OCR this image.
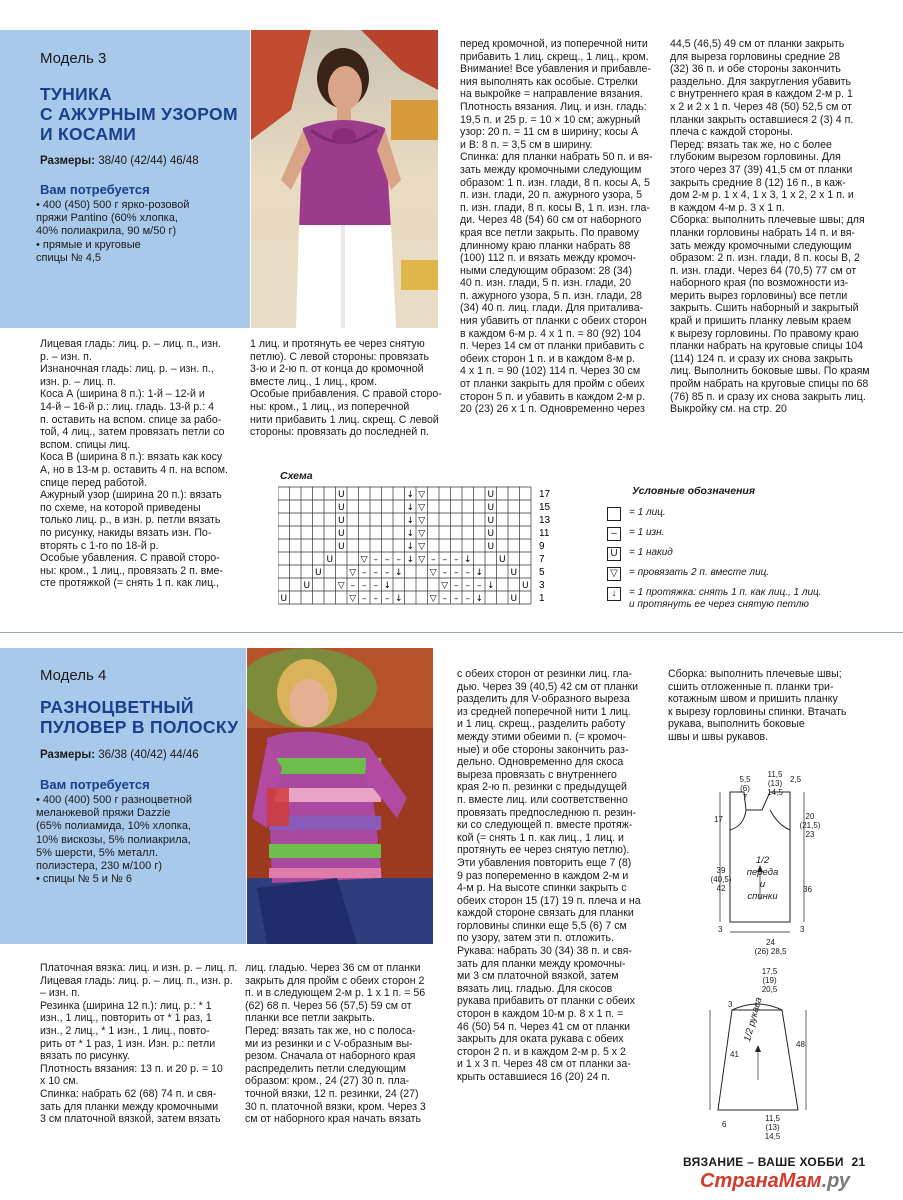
Модель 3
ТУНИКА
С АЖУРНЫМ УЗОРОМ
И КОСАМИ
Размеры: 38/40 (42/44) 46/48
Вам потребуется
• 400 (450) 500 г ярко-розовой
пряжи Pantino (60% хлопка,
40% полиакрила, 90 м/50 г)
• прямые и круговые
спицы № 4,5
Лицевая гладь: лиц. р. – лиц. п., изн.
р. – изн. п.
Изнаночная гладь: лиц. р. – изн. п.,
изн. р. – лиц. п.
Коса А (ширина 8 п.): 1-й – 12-й и
14-й – 16-й р.: лиц. гладь. 13-й р.: 4
п. оставить на вспом. спице за рабо-
той, 4 лиц., затем провязать петли со
вспом. спицы лиц.
Коса В (ширина 8 п.): вязать как косу
А, но в 13-м р. оставить 4 п. на вспом.
спице перед работой.
Ажурный узор (ширина 20 п.): вязать
по схеме, на которой приведены
только лиц. р., в изн. р. петли вязать
по рисунку, накиды вязать изн. По-
вторять с 1-го по 18-й р.
Особые убавления. С правой сторо-
ны: кром., 1 лиц., провязать 2 п. вме-
сте протяжкой (= снять 1 п. как лиц.,
1 лиц. и протянуть ее через снятую
петлю). С левой стороны: провязать
3-ю и 2-ю п. от конца до кромочной
вместе лиц., 1 лиц., кром.
Особые прибавления. С правой сторо-
ны: кром., 1 лиц., из поперечной
нити прибавить 1 лиц. скрещ. С левой
стороны: провязать до последней п.
перед кромочной, из поперечной нити
прибавить 1 лиц. скрещ., 1 лиц., кром.
Внимание! Все убавления и прибавле-
ния выполнять как особые. Стрелки
на выкройке = направление вязания.
Плотность вязания. Лиц. и изн. гладь:
19,5 п. и 25 р. = 10 × 10 см; ажурный
узор: 20 п. = 11 см в ширину; косы А
и В: 8 п. = 3,5 см в ширину.
Спинка: для планки набрать 50 п. и вя-
зать между кромочными следующим
образом: 1 п. изн. глади, 8 п. косы А, 5
п. изн. глади, 20 п. ажурного узора, 5
п. изн. глади, 8 п. косы В, 1 п. изн. гла-
ди. Через 48 (54) 60 см от наборного
края все петли закрыть. По правому
длинному краю планки набрать 88
(100) 112 п. и вязать между кромоч-
ными следующим образом: 28 (34)
40 п. изн. глади, 5 п. изн. глади, 20
п. ажурного узора, 5 п. изн. глади, 28
(34) 40 п. лиц. глади. Для приталива-
ния убавить от планки с обеих сторон
в каждом 6-м р. 4 х 1 п. = 80 (92) 104
п. Через 14 см от планки прибавить с
обеих сторон 1 п. и в каждом 8-м р.
4 х 1 п. = 90 (102) 114 п. Через 30 см
от планки закрыть для пройм с обеих
сторон 5 п. и убавить в каждом 2-м р.
20 (23) 26 х 1 п. Одновременно через
44,5 (46,5) 49 см от планки закрыть
для выреза горловины средние 28
(32) 36 п. и обе стороны закончить
раздельно. Для закругления убавить
с внутреннего края в каждом 2-м р. 1
х 2 и 2 х 1 п. Через 48 (50) 52,5 см от
планки закрыть оставшиеся 2 (3) 4 п.
плеча с каждой стороны.
Перед: вязать так же, но с более
глубоким вырезом горловины. Для
этого через 37 (39) 41,5 см от планки
закрыть средние 8 (12) 16 п., в каж-
дом 2-м р. 1 х 4, 1 х 3, 1 х 2, 2 х 1 п. и
в каждом 4-м р. 3 х 1 п.
Сборка: выполнить плечевые швы; для
планки горловины набрать 14 п. и вя-
зать между кромочными следующим
образом: 2 п. изн. глади, 8 п. косы В, 2
п. изн. глади. Через 64 (70,5) 77 см от
наборного края (по возможности из-
мерить вырез горловины) все петли
закрыть. Сшить наборный и закрытый
край и пришить планку левым краем
к вырезу горловины. По правому краю
планки набрать на круговые спицы 104
(114) 124 п. и сразу их снова закрыть
лиц. Выполнить боковые швы. По краям
пройм набрать на круговые спицы по 68
(76) 85 п. и сразу их снова закрыть лиц.
Выкройку см. на стр. 20
Схема
U	↓ ▽	U
U	↓ ▽	U
U	↓ ▽	U
U	↓ ▽	U
U	↓ ▽	U
U	▽ – – – ↓ ▽ – – – ↓	U
U	▽ – – – ↓	▽ – – – ↓	U
U	▽ – – – ↓	▽ – – – ↓	U
U	▽ – – – ↓	▽ – – – ↓	U
17
15
13
11
9
7
5
3
1
Условные обозначения
= 1 лиц.
–	= 1 изн.
U	= 1 накид
▽	= провязать 2 п. вместе лиц.
↓	= 1 протяжка: снять 1 п. как лиц., 1 лиц.
и протянуть ее через снятую петлю
Модель 4
РАЗНОЦВЕТНЫЙ
ПУЛОВЕР В ПОЛОСКУ
Размеры: 36/38 (40/42) 44/46
Вам потребуется
• 400 (400) 500 г разноцветной
меланжевой пряжи Dazzie
(65% полиамида, 10% хлопка,
10% вискозы, 5% полиакрила,
5% шерсти, 5% металл.
полиэстера, 230 м/100 г)
• спицы № 5 и № 6
Платочная вязка: лиц. и изн. р. – лиц. п.
Лицевая гладь: лиц. р. – лиц. п., изн. р.
– изн. п.
Резинка (ширина 12 п.): лиц. р.: * 1
изн., 1 лиц., повторить от * 1 раз, 1
изн., 2 лиц., * 1 изн., 1 лиц., повто-
рить от * 1 раз, 1 изн. Изн. р.: петли
вязать по рисунку.
Плотность вязания: 13 п. и 20 р. = 10
х 10 см.
Спинка: набрать 62 (68) 74 п. и свя-
зать для планки между кромочными
3 см платочной вязкой, затем вязать
лиц. гладью. Через 36 см от планки
закрыть для пройм с обеих сторон 2
п. и в следующем 2-м р. 1 х 1 п. = 56
(62) 68 п. Через 56 (57,5) 59 см от
планки все петли закрыть.
Перед: вязать так же, но с полоса-
ми из резинки и с V-образным вы-
резом. Сначала от наборного края
распределить петли следующим
образом: кром., 24 (27) 30 п. пла-
точной вязки, 12 п. резинки, 24 (27)
30 п. платочной вязки, кром. Через 3
см от наборного края начать вязать
с обеих сторон от резинки лиц. гла-
дью. Через 39 (40,5) 42 см от планки
разделить для V-образного выреза
из средней поперечной нити 1 лиц.
и 1 лиц. скрещ., разделить работу
между этими обеими п. (= кромоч-
ные) и обе стороны закончить раз-
дельно. Одновременно для скоса
выреза провязать с внутреннего
края 2-ю п. резинки с предыдущей
п. вместе лиц. или соответственно
провязать предпоследнюю п. резин-
ки со следующей п. вместе протяж-
кой (= снять 1 п. как лиц., 1 лиц. и
протянуть ее через снятую петлю).
Эти убавления повторить еще 7 (8)
9 раз попеременно в каждом 2-м и
4-м р. На высоте спинки закрыть с
обеих сторон 15 (17) 19 п. плеча и на
каждой стороне связать для планки
горловины спинки еще 5,5 (6) 7 см
по узору, затем эти п. отложить.
Рукава: набрать 30 (34) 38 п. и свя-
зать для планки между кромочны-
ми 3 см платочной вязкой, затем
вязать лиц. гладью. Для скосов
рукава прибавить от планки с обеих
сторон в каждом 10-м р. 8 х 1 п. =
46 (50) 54 п. Через 41 см от планки
закрыть для оката рукава с обеих
сторон 2 п. и в каждом 2-м р. 5 х 2
и 1 х 3 п. Через 48 см от планки за-
крыть оставшиеся 16 (20) 24 п.
Сборка: выполнить плечевые швы;
сшить отложенные п. планки три-
котажным швом и пришить планку
к вырезу горловины спинки. Втачать
рукава, выполнить боковые
швы и швы рукавов.
11,5
(13)
14,5
5,5
(6)
7
2,5
17
39
(40,5)
42
20
(21,5)
23
36
24
(26) 28,5
3	3
1/2
переда
и
спинки
17,5
(19)
20,5
3
41
48
11,5
(13)
14,5
6
1/2 рукава
ВЯЗАНИЕ – ВАШЕ ХОББИ 21
СтранаМам.ру
